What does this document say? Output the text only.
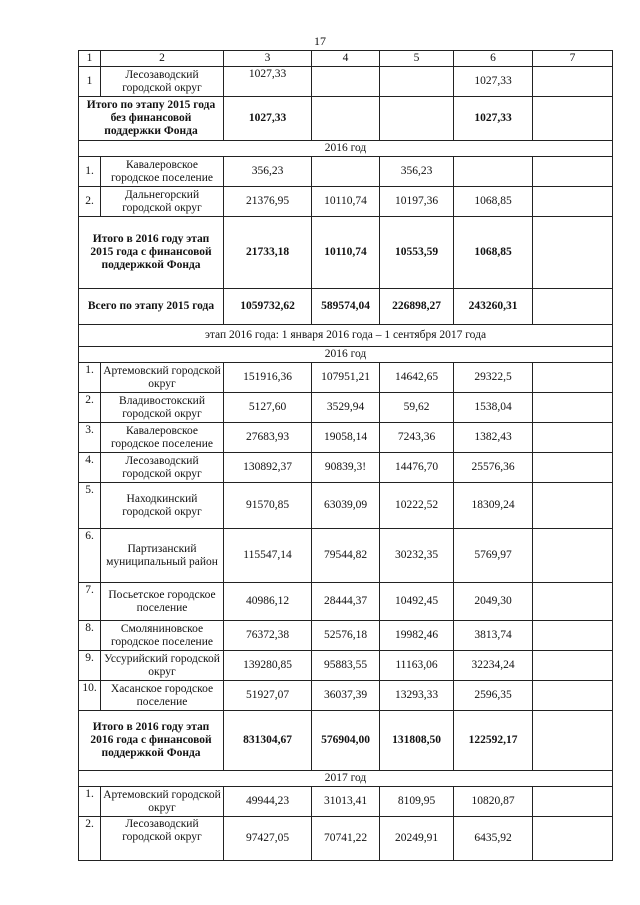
17
1	2	3	4	5	6	7
1	Лесозаводский городской округ	1027,33			1027,33	
Итого по этапу 2015 года без финансовой поддержки Фонда		1027,33			1027,33	
2016 год						
1.	Кавалеровское городское поселение	356,23		356,23		
2.	Дальнегорский городской округ	21376,95	10110,74	10197,36	1068,85	
Итого в 2016 году этап 2015 года с финансовой поддержкой Фонда		21733,18	10110,74	10553,59	1068,85	
Всего по этапу 2015 года		1059732,62	589574,04	226898,27	243260,31	
этап 2016 года: 1 января 2016 года – 1 сентября 2017 года						
2016 год						
1.	Артемовский городской округ	151916,36	107951,21	14642,65	29322,5	
2.	Владивостокский городской округ	5127,60	3529,94	59,62	1538,04	
3.	Кавалеровское городское поселение	27683,93	19058,14	7243,36	1382,43	
4.	Лесозаводский городской округ	130892,37	90839,3!	14476,70	25576,36	
5.	Находкинский городской округ	91570,85	63039,09	10222,52	18309,24	
6.	Партизанский муниципальный район	115547,14	79544,82	30232,35	5769,97	
7.	Посьетское городское поселение	40986,12	28444,37	10492,45	2049,30	
8.	Смоляниновское городское поселение	76372,38	52576,18	19982,46	3813,74	
9.	Уссурийский городской округ	139280,85	95883,55	11163,06	32234,24	
10.	Хасанское городское поселение	51927,07	36037,39	13293,33	2596,35	
Итого в 2016 году этап 2016 года с финансовой поддержкой Фонда		831304,67	576904,00	131808,50	122592,17	
2017 год						
1.	Артемовский городской округ	49944,23	31013,41	8109,95	10820,87	
2.	Лесозаводский городской округ	97427,05	70741,22	20249,91	6435,92	
